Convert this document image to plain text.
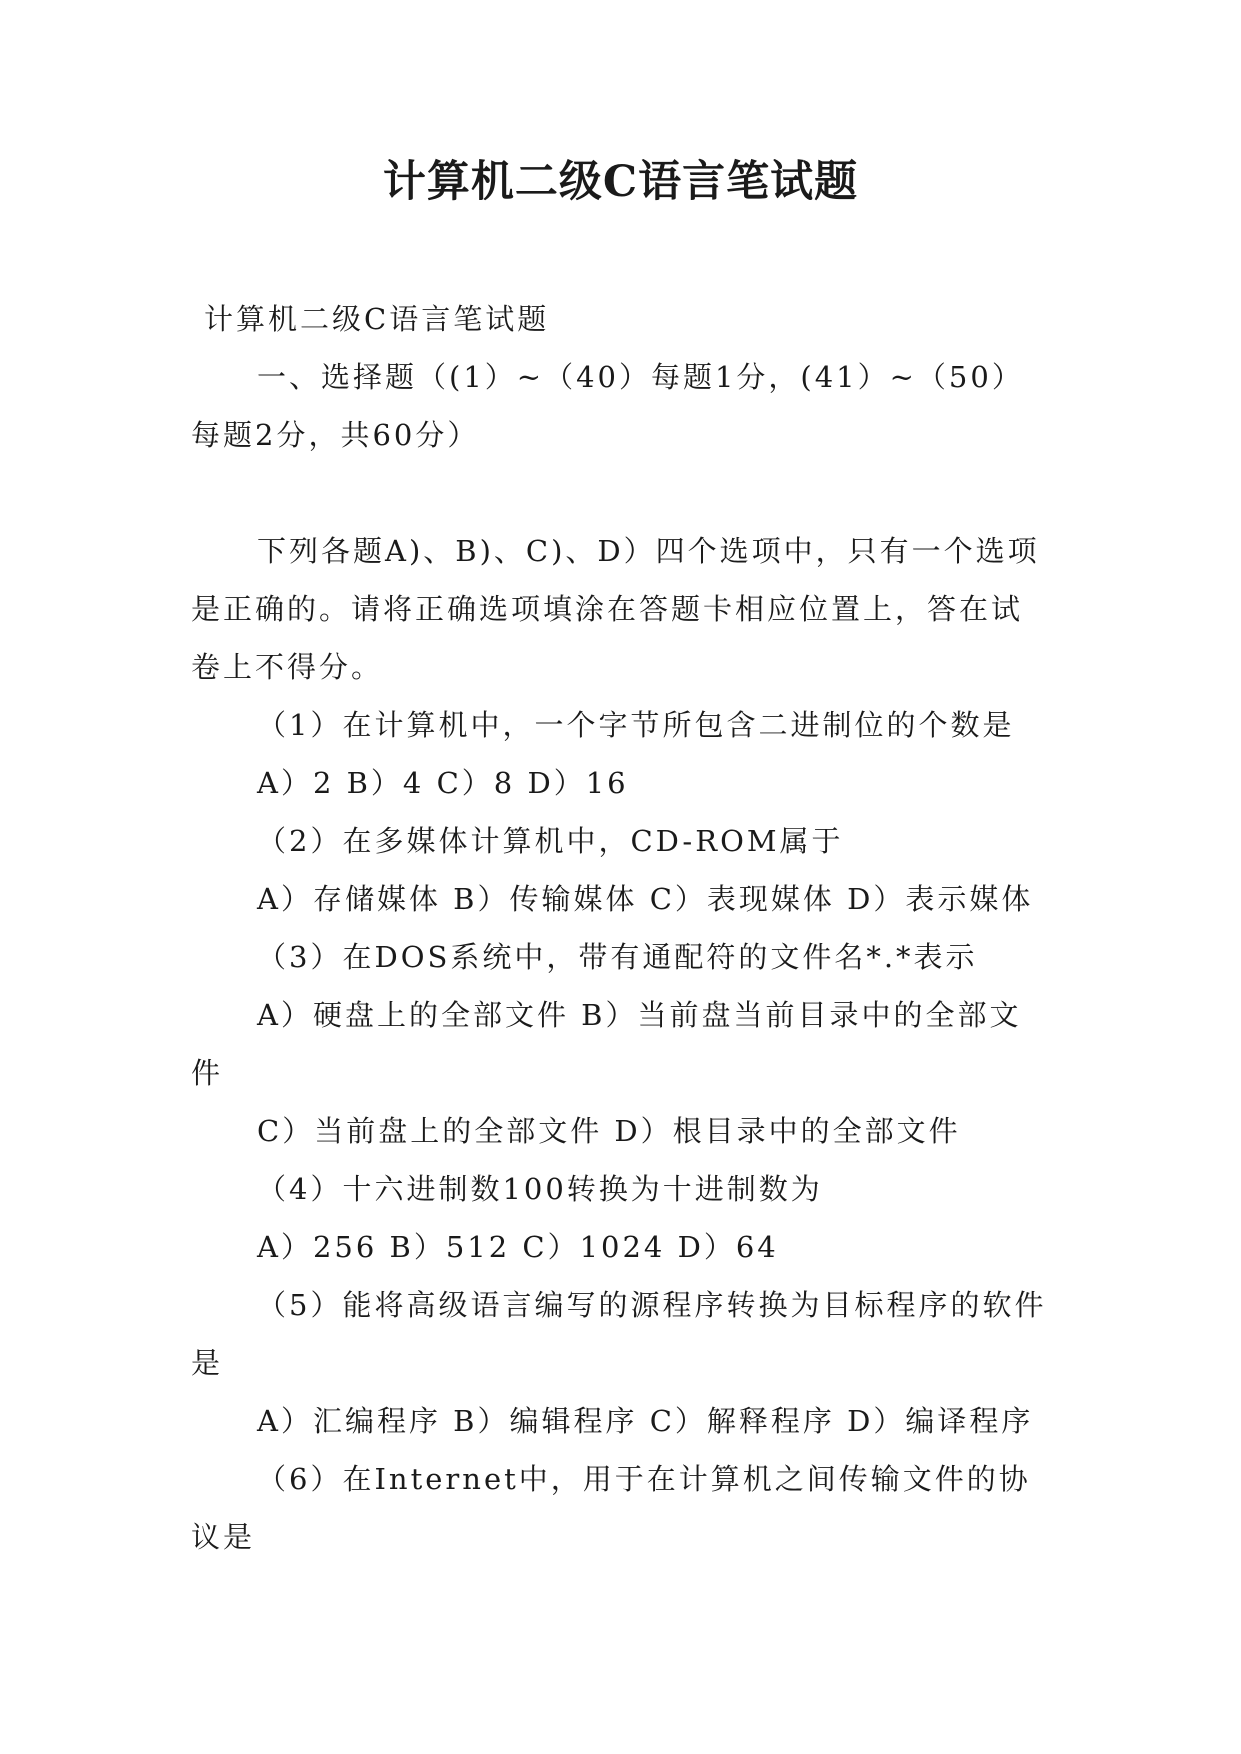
计算机二级C语言笔试题

计算机二级C语言笔试题

一、选择题（(1）~（40）每题1分，(41）~（50）每题2分，共60分）

下列各题A)、B)、C)、D）四个选项中，只有一个选项是正确的。请将正确选项填涂在答题卡相应位置上，答在试卷上不得分。

（1）在计算机中，一个字节所包含二进制位的个数是

A）2 B）4 C）8 D）16

（2）在多媒体计算机中，CD-ROM属于

A）存储媒体 B）传输媒体 C）表现媒体 D）表示媒体

（3）在DOS系统中，带有通配符的文件名*.*表示

A）硬盘上的全部文件 B）当前盘当前目录中的全部文件

C）当前盘上的全部文件 D）根目录中的全部文件

（4）十六进制数100转换为十进制数为

A）256 B）512 C）1024 D）64

（5）能将高级语言编写的源程序转换为目标程序的软件是

A）汇编程序 B）编辑程序 C）解释程序 D）编译程序

（6）在Internet中，用于在计算机之间传输文件的协议是
